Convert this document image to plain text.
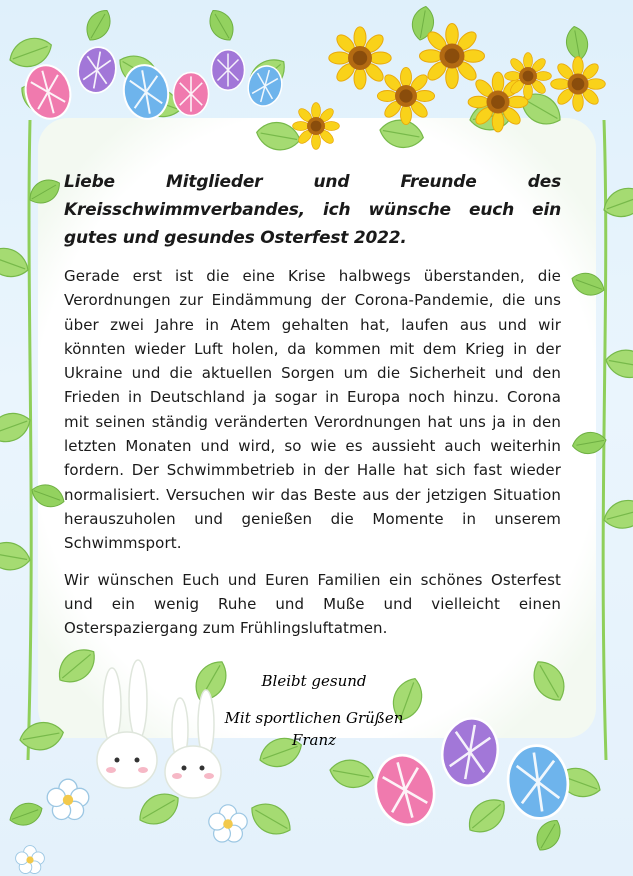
Liebe Mitglieder und Freunde des Kreisschwimmverbandes, ich wünsche euch ein gutes und gesundes Osterfest 2022.

Gerade erst ist die eine Krise halbwegs überstanden, die Verordnungen zur Eindämmung der Corona-Pandemie, die uns über zwei Jahre in Atem gehalten hat, laufen aus und wir könnten wieder Luft holen, da kommen mit dem Krieg in der Ukraine und die aktuellen Sorgen um die Sicherheit und den Frieden in Deutschland ja sogar in Europa noch hinzu. Corona mit seinen ständig veränderten Verordnungen hat uns ja in den letzten Monaten und wird, so wie es aussieht auch weiterhin fordern. Der Schwimmbetrieb in der Halle hat sich fast wieder normalisiert. Versuchen wir das Beste aus der jetzigen Situation herauszuholen und genießen die Momente in unserem Schwimmsport.

Wir wünschen Euch und Euren Familien ein schönes Osterfest und ein wenig Ruhe und Muße und vielleicht einen Osterspaziergang zum Frühlingsluftatmen.

Bleibt gesund

Mit sportlichen Grüßen

Franz
